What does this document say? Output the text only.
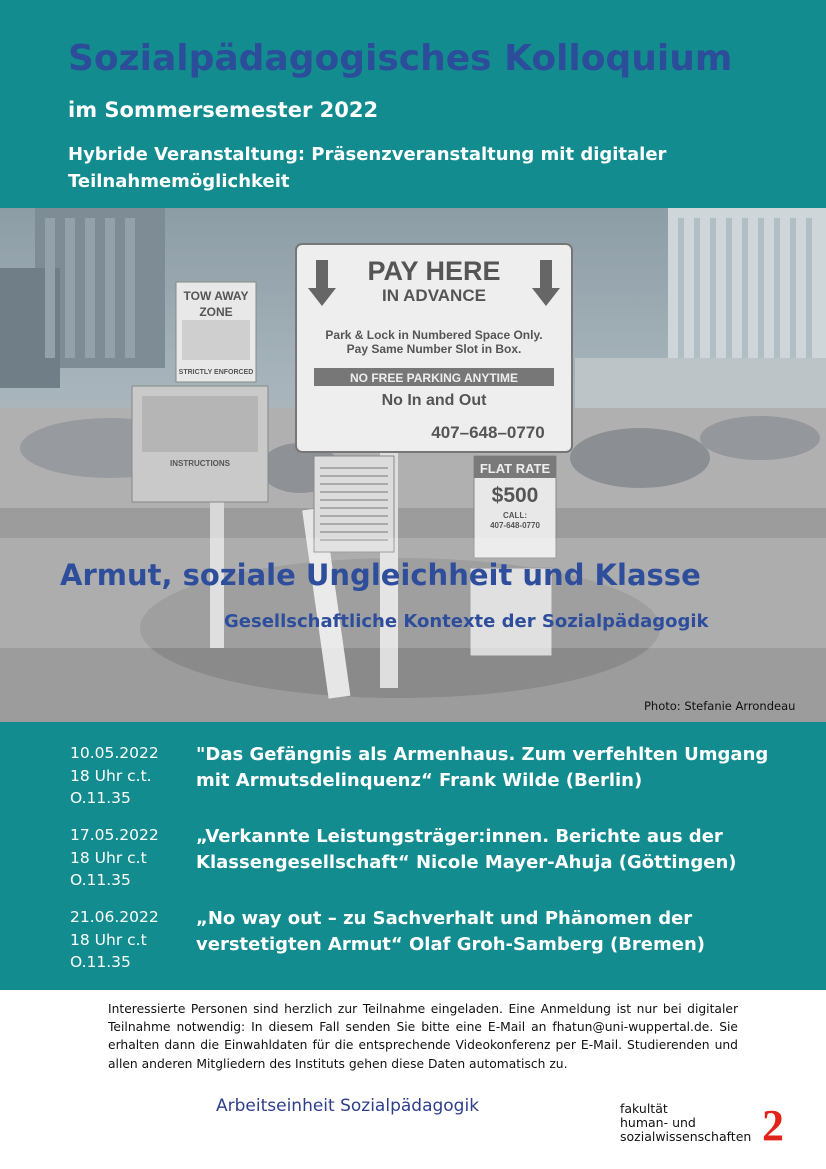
Sozialpädagogisches Kolloquium
im Sommersemester 2022
Hybride Veranstaltung: Präsenzveranstaltung mit digitaler Teilnahmemöglichkeit
PAY HERE
IN ADVANCE
Park & Lock in Numbered Space Only.
Pay Same Number Slot in Box.
NO FREE PARKING ANYTIME
No In and Out
407–648–0770
TOW AWAY
ZONE
STRICTLY ENFORCED
INSTRUCTIONS	FLAT RATE
$500
CALL:
407-648-0770
Armut, soziale Ungleichheit und Klasse
Gesellschaftliche Kontexte der Sozialpädagogik
Photo: Stefanie Arrondeau
10.05.2022
18 Uhr c.t.
O.11.35
"Das Gefängnis als Armenhaus. Zum verfehlten Umgang mit Armutsdelinquenz“ Frank Wilde (Berlin)
17.05.2022
18 Uhr c.t
O.11.35
„Verkannte Leistungsträger:innen. Berichte aus der Klassengesellschaft“ Nicole Mayer-Ahuja (Göttingen)
21.06.2022
18 Uhr c.t
O.11.35
„No way out – zu Sachverhalt und Phänomen der verstetigten Armut“ Olaf Groh-Samberg (Bremen)
Interessierte Personen sind herzlich zur Teilnahme eingeladen. Eine Anmeldung ist nur bei digitaler Teilnahme notwendig: In diesem Fall senden Sie bitte eine E-Mail an fhatun@uni-wuppertal.de. Sie erhalten dann die Einwahldaten für die entsprechende Videokonferenz per E-Mail. Studierenden und allen anderen Mitgliedern des Instituts gehen diese Daten automatisch zu.
Arbeitseinheit Sozialpädagogik	fakultät
human- und
sozialwissenschaften 2
